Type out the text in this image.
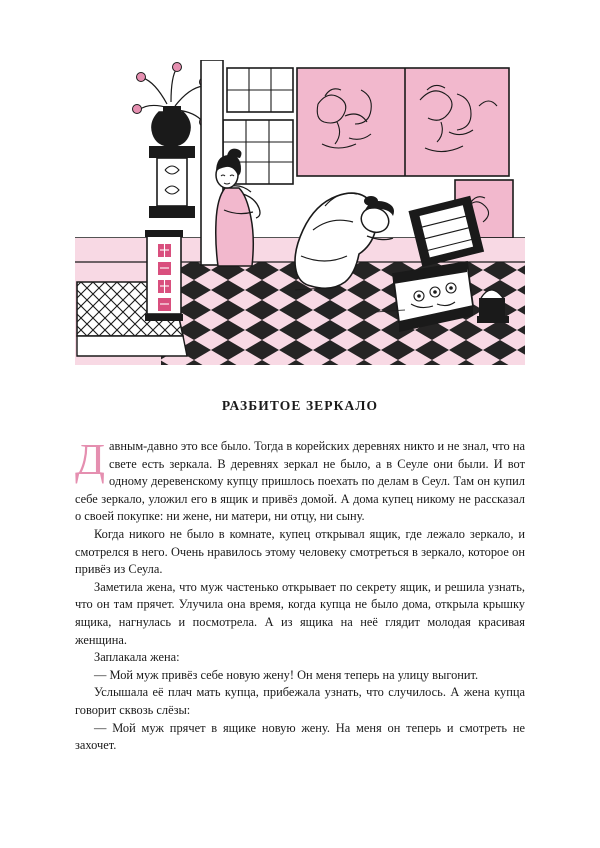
РАЗБИТОЕ ЗЕРКАЛО

Давным-давно это все было. Тогда в корейских деревнях никто и не знал, что на свете есть зеркала. В деревнях зеркал не было, а в Сеуле они были. И вот одному деревенскому купцу пришлось поехать по делам в Сеул. Там он купил себе зеркало, уложил его в ящик и привёз домой. А дома купец никому не рассказал о своей покупке: ни жене, ни матери, ни отцу, ни сыну.

Когда никого не было в комнате, купец открывал ящик, где лежало зеркало, и смотрелся в него. Очень нравилось этому человеку смотреться в зеркало, которое он привёз из Сеула.

Заметила жена, что муж частенько открывает по секрету ящик, и решила узнать, что он там прячет. Улучила она время, когда купца не было дома, открыла крышку ящика, нагнулась и посмотрела. А из ящика на неё глядит молодая красивая женщина.

Заплакала жена:

— Мой муж привёз себе новую жену! Он меня теперь на улицу выгонит.

Услышала её плач мать купца, прибежала узнать, что случилось. А жена купца говорит сквозь слёзы:

— Мой муж прячет в ящике новую жену. На меня он теперь и смотреть не захочет.
